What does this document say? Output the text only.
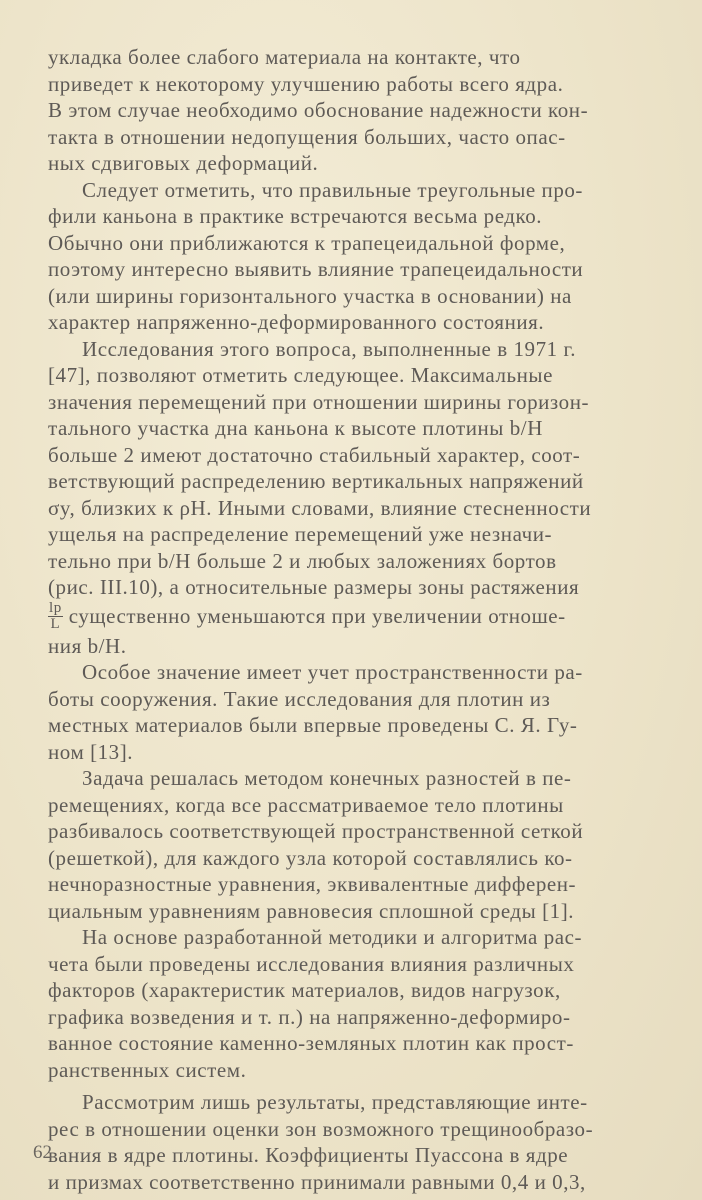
укладка более слабого материала на контакте, что
приведет к некоторому улучшению работы всего ядра.
В этом случае необходимо обоснование надежности кон-
такта в отношении недопущения больших, часто опас-
ных сдвиговых деформаций.
Следует отметить, что правильные треугольные про-
фили каньона в практике встречаются весьма редко.
Обычно они приближаются к трапецеидальной форме,
поэтому интересно выявить влияние трапецеидальности
(или ширины горизонтального участка в основании) на
характер напряженно-деформированного состояния.
Исследования этого вопроса, выполненные в 1971 г.
[47], позволяют отметить следующее. Максимальные
значения перемещений при отношении ширины горизон-
тального участка дна каньона к высоте плотины b/H
больше 2 имеют достаточно стабильный характер, соот-
ветствующий распределению вертикальных напряжений
σy, близких к ρH. Иными словами, влияние стесненности
ущелья на распределение перемещений уже незначи-
тельно при b/H больше 2 и любых заложениях бортов
(рис. III.10), а относительные размеры зоны растяжения
$\frac{lp}{L}$ существенно уменьшаются при увеличении отноше-
ния b/H.
Особое значение имеет учет пространственности ра-
боты сооружения. Такие исследования для плотин из
местных материалов были впервые проведены С. Я. Гу-
ном [13].
Задача решалась методом конечных разностей в пе-
ремещениях, когда все рассматриваемое тело плотины
разбивалось соответствующей пространственной сеткой
(решеткой), для каждого узла которой составлялись ко-
нечноразностные уравнения, эквивалентные дифферен-
циальным уравнениям равновесия сплошной среды [1].
На основе разработанной методики и алгоритма рас-
чета были проведены исследования влияния различных
факторов (характеристик материалов, видов нагрузок,
графика возведения и т. п.) на напряженно-деформиро-
ванное состояние каменно-земляных плотин как прост-
ранственных систем.
Рассмотрим лишь результаты, представляющие инте-
рес в отношении оценки зон возможного трещинообразо-
вания в ядре плотины. Коэффициенты Пуассона в ядре
и призмах соответственно принимали равными 0,4 и 0,3,
62
